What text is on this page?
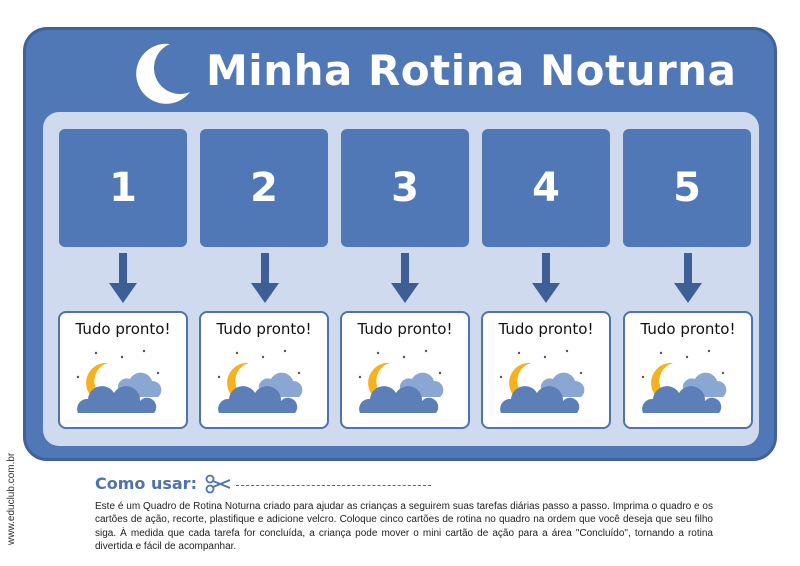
Minha Rotina Noturna
1
Tudo pronto!
2
Tudo pronto!
3
Tudo pronto!
4
Tudo pronto!
5
Tudo pronto!
Como usar:
Este é um Quadro de Rotina Noturna criado para ajudar as crianças a seguirem suas tarefas diárias passo a passo. Imprima o quadro e os cartões de ação, recorte, plastifique e adicione velcro. Coloque cinco cartões de rotina no quadro na ordem que você deseja que seu filho siga. À medida que cada tarefa for concluída, a criança pode mover o mini cartão de ação para a área "Concluído", tornando a rotina divertida e fácil de acompanhar.
www.educlub.com.br
